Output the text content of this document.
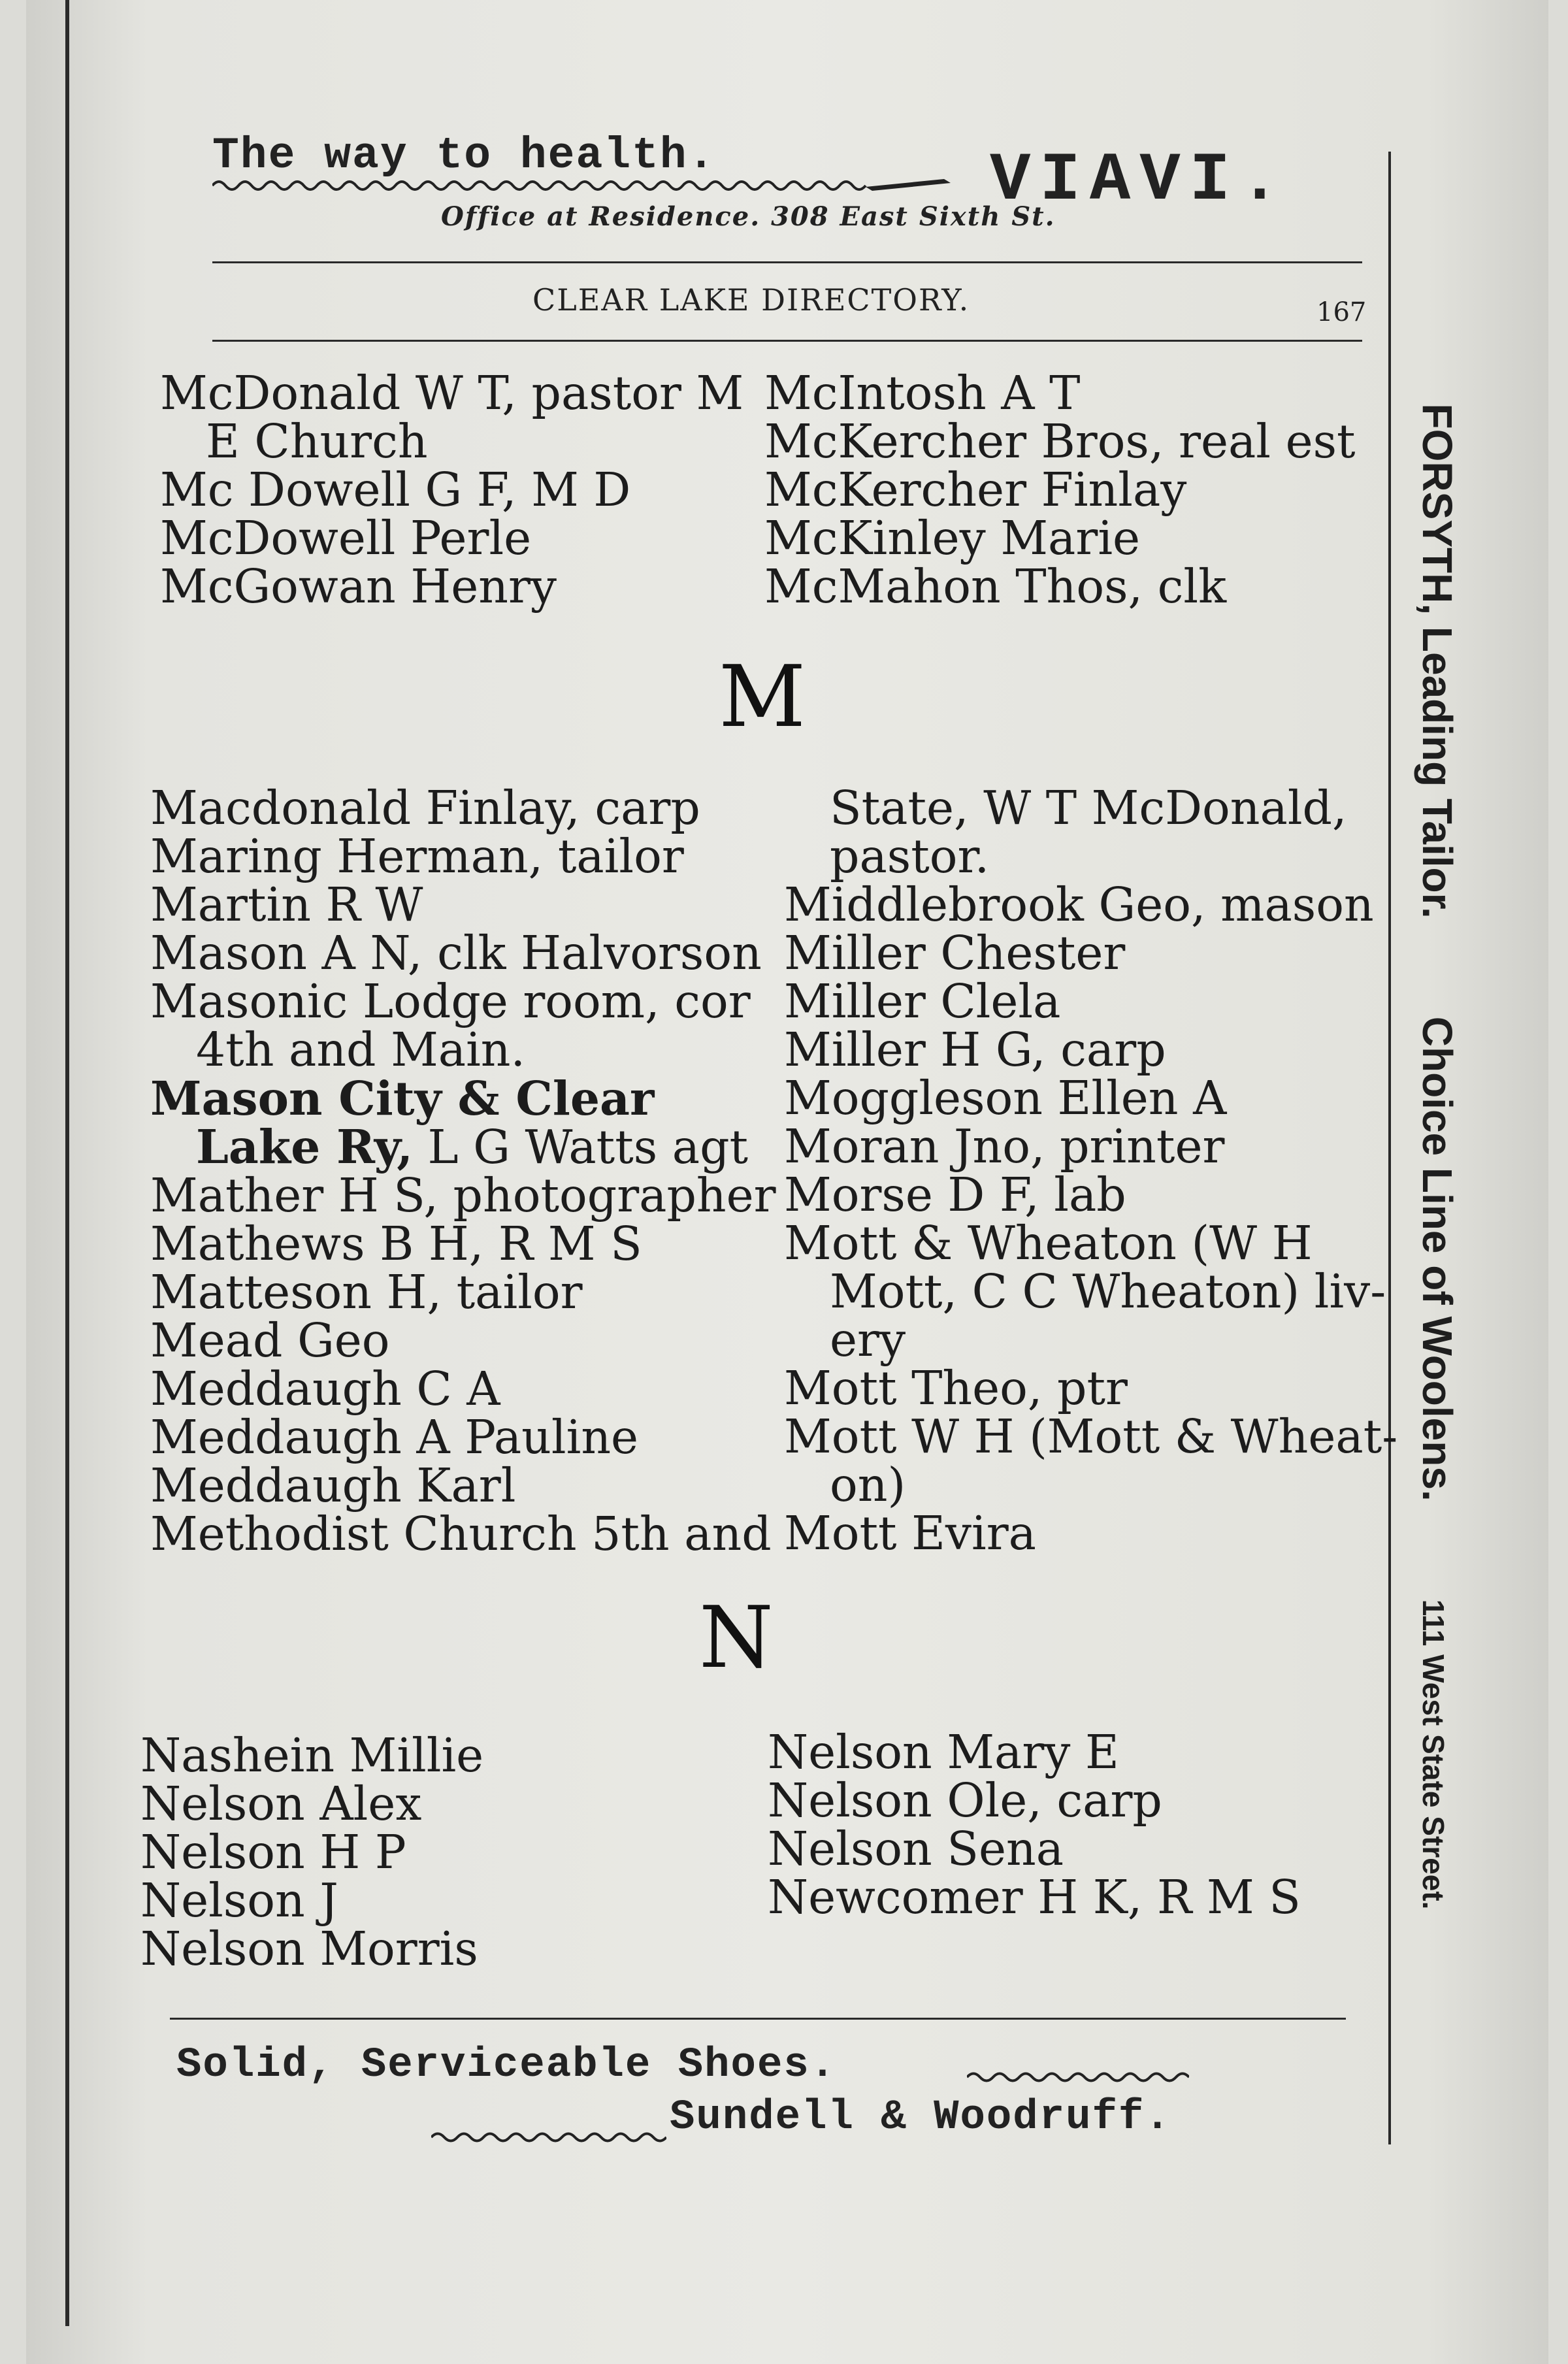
The way to health.	VIAVI.
Office at Residence. 308 East Sixth St.
CLEAR LAKE DIRECTORY.	167
FORSYTH, Leading Tailor.Choice Line of Woolens.111 West State Street.

McDonald W T, pastor M

E Church

Mc Dowell G F, M D

McDowell Perle

McGowan Henry

McIntosh A T

McKercher Bros, real est

McKercher Finlay

McKinley Marie

McMahon Thos, clk

M

Macdonald Finlay, carp

Maring Herman, tailor

Martin R W

Mason A N, clk Halvorson

Masonic Lodge room, cor

4th and Main.

Mason City & Clear

Lake Ry, L G Watts agt

Mather H S, photographer

Mathews B H, R M S

Matteson H, tailor

Mead Geo

Meddaugh C A

Meddaugh A Pauline

Meddaugh Karl

Methodist Church 5th and

State, W T McDonald,

pastor.

Middlebrook Geo, mason

Miller Chester

Miller Clela

Miller H G, carp

Moggleson Ellen A

Moran Jno, printer

Morse D F, lab

Mott & Wheaton (W H

Mott, C C Wheaton) liv-

ery

Mott Theo, ptr

Mott W H (Mott & Wheat-

on)

Mott Evira

N

Nashein Millie

Nelson Alex

Nelson H P

Nelson J

Nelson Morris

Nelson Mary E

Nelson Ole, carp

Nelson Sena

Newcomer H K, R M S

Solid, Serviceable Shoes.
Sundell & Woodruff.
